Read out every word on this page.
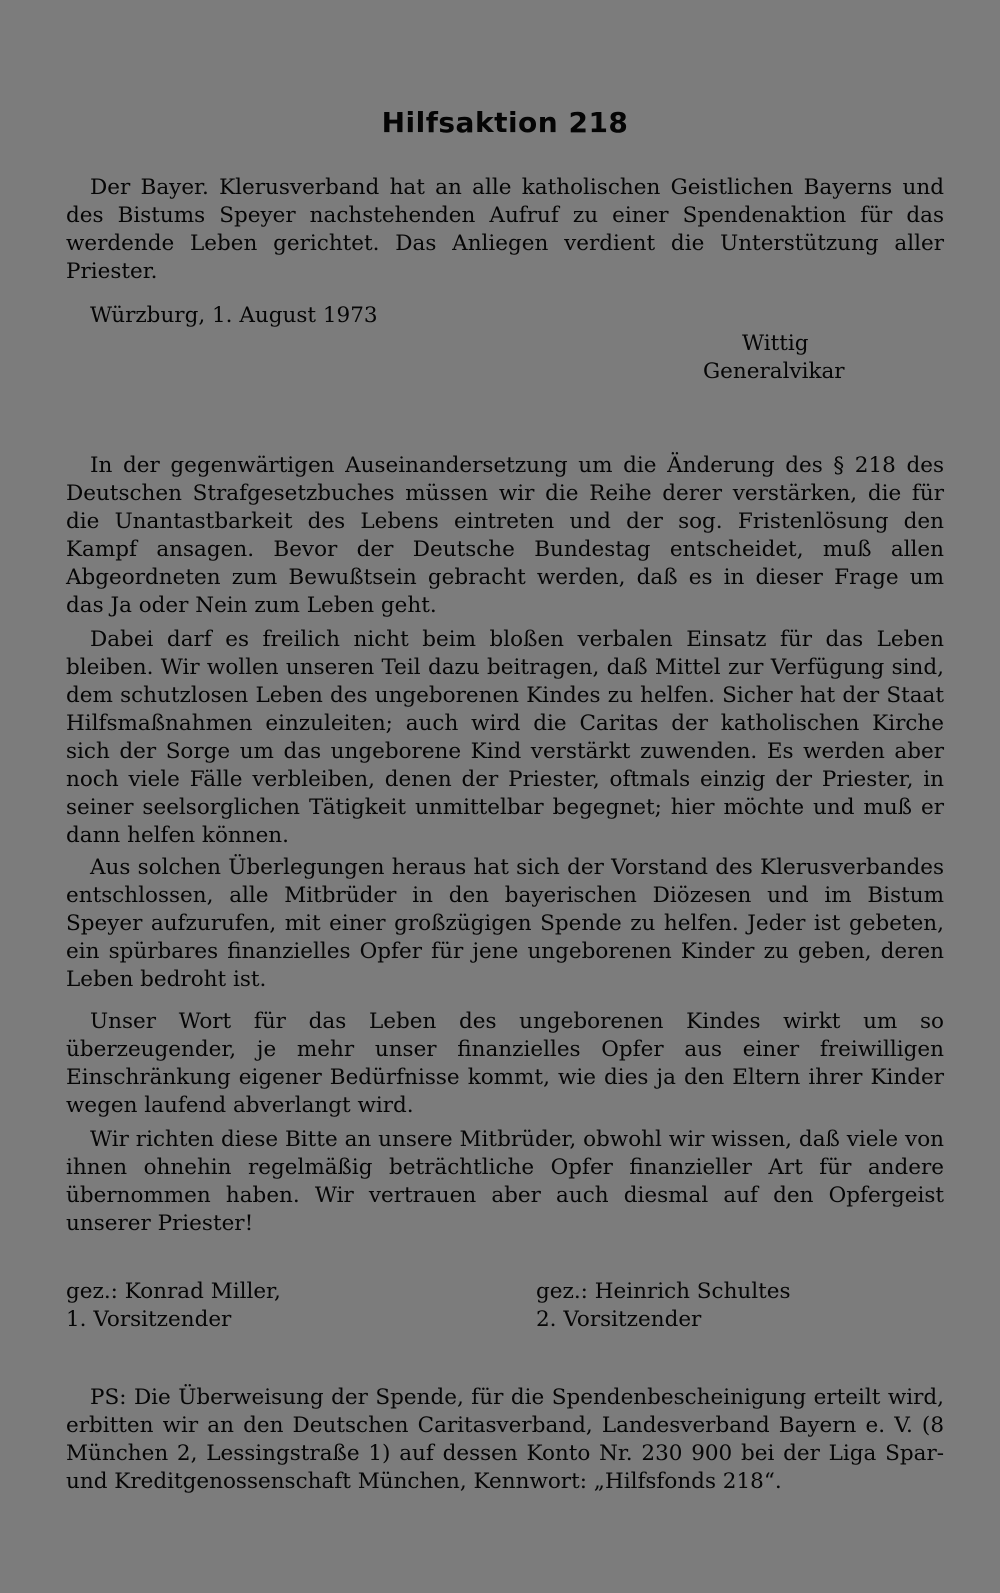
Hilfsaktion 218

Der Bayer. Klerusverband hat an alle katholischen Geistlichen Bayerns und des Bistums Speyer nachstehenden Aufruf zu einer Spendenaktion für das werdende Leben gerichtet. Das Anliegen verdient die Unterstützung aller Priester.

Würzburg, 1. August 1973

Wittig

Generalvikar

In der gegenwärtigen Auseinandersetzung um die Änderung des § 218 des Deutschen Strafgesetzbuches müssen wir die Reihe derer verstärken, die für die Unantastbarkeit des Lebens eintreten und der sog. Fristenlösung den Kampf ansagen. Bevor der Deutsche Bundestag entscheidet, muß allen Abgeordneten zum Bewußtsein gebracht werden, daß es in dieser Frage um das Ja oder Nein zum Leben geht.

Dabei darf es freilich nicht beim bloßen verbalen Einsatz für das Leben bleiben. Wir wollen unseren Teil dazu beitragen, daß Mittel zur Verfügung sind, dem schutzlosen Leben des ungeborenen Kindes zu helfen. Sicher hat der Staat Hilfsmaßnahmen einzuleiten; auch wird die Caritas der katholischen Kirche sich der Sorge um das ungeborene Kind verstärkt zuwenden. Es werden aber noch viele Fälle verbleiben, denen der Priester, oftmals einzig der Priester, in seiner seelsorglichen Tätigkeit unmittelbar begegnet; hier möchte und muß er dann helfen können.

Aus solchen Überlegungen heraus hat sich der Vorstand des Klerusverbandes entschlossen, alle Mitbrüder in den bayerischen Diözesen und im Bistum Speyer aufzurufen, mit einer großzügigen Spende zu helfen. Jeder ist gebeten, ein spürbares finanzielles Opfer für jene ungeborenen Kinder zu geben, deren Leben bedroht ist.

Unser Wort für das Leben des ungeborenen Kindes wirkt um so überzeugender, je mehr unser finanzielles Opfer aus einer freiwilligen Einschränkung eigener Bedürfnisse kommt, wie dies ja den Eltern ihrer Kinder wegen laufend abverlangt wird.

Wir richten diese Bitte an unsere Mitbrüder, obwohl wir wissen, daß viele von ihnen ohnehin regelmäßig beträchtliche Opfer finanzieller Art für andere übernommen haben. Wir vertrauen aber auch diesmal auf den Opfergeist unserer Priester!

gez.: Konrad Miller,
1. Vorsitzender
gez.: Heinrich Schultes
2. Vorsitzender

PS: Die Überweisung der Spende, für die Spendenbescheinigung erteilt wird, erbitten wir an den Deutschen Caritasverband, Landesverband Bayern e. V. (8 München 2, Lessingstraße 1) auf dessen Konto Nr. 230 900 bei der Liga Spar- und Kreditgenossenschaft München, Kennwort: „Hilfsfonds 218“.
